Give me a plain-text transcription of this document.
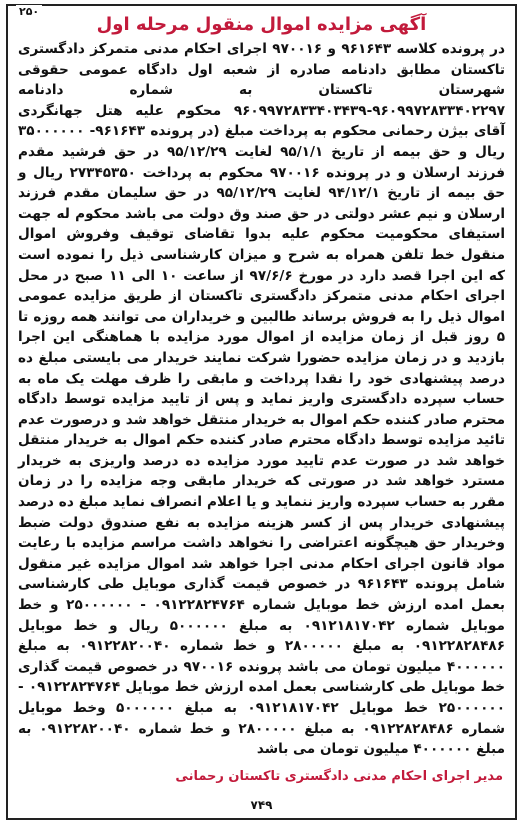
۲۵۰
آگهی مزایده اموال منقول مرحله اول

در پرونده کلاسه ۹۶۱۶۴۳ و ۹۷۰۰۱۶ اجرای احکام مدنی متمرکز دادگستری تاکستان مطابق دادنامه صادره از شعبه اول دادگاه عمومی حقوقی شهرستان تاکستان به شماره دادنامه ۹۶۰۹۹۷۲۸۳۳۴۰۲۲۹۷-۹۶۰۹۹۷۲۸۳۳۴۰۳۴۳۹ محکوم علیه هتل جهانگردی آقای بیژن رحمانی محکوم به پرداخت مبلغ (در پرونده ۹۶۱۶۴۳- ۳۵۰۰۰۰۰۰ ریال و حق بیمه از تاریخ ۹۵/۱/۱ لغایت ۹۵/۱۲/۲۹ در حق فرشید مقدم فرزند ارسلان و در پرونده ۹۷۰۰۱۶ محکوم به پرداخت ۲۷۳۴۵۳۵۰ ریال و حق بیمه از تاریخ ۹۴/۱۲/۱ لغایت ۹۵/۱۲/۲۹ در حق سلیمان مقدم فرزند ارسلان و نیم عشر دولتی در حق صند وق دولت می باشد محکوم له جهت استیفای محکومیت محکوم علیه بدوا تقاضای توقیف وفروش اموال منقول خط تلفن همراه به شرح و میزان کارشناسی ذیل را نموده است که این اجرا قصد دارد در مورخ ۹۷/۶/۶ از ساعت ۱۰ الی ۱۱ صبح در محل اجرای احکام مدنی متمرکز دادگستری تاکستان از طریق مزایده عمومی اموال ذیل را به فروش برساند طالبین و خریداران می توانند همه روزه تا ۵ روز قبل از زمان مزایده از اموال مورد مزایده با هماهنگی این اجرا بازدید و در زمان مزایده حضورا شرکت نمایند خریدار می بایستی مبلغ ده درصد پیشنهادی خود را نقدا پرداخت و مابقی را ظرف مهلت یک ماه به حساب سپرده دادگستری واریز نماید و پس از تایید مزایده توسط دادگاه محترم صادر کننده حکم اموال به خریدار منتقل خواهد شد و درصورت عدم تائید مزایده توسط دادگاه محترم صادر کننده حکم اموال به خریدار منتقل خواهد شد در صورت عدم تایید مورد مزایده ده درصد واریزی به خریدار مسترد خواهد شد در صورتی که خریدار مابقی وجه مزایده را در زمان مقرر به حساب سپرده واریز ننماید و یا اعلام انصراف نماید مبلغ ده درصد پیشنهادی خریدار پس از کسر هزینه مزایده به نفع صندوق دولت ضبط وخریدار حق هیچگونه اعتراضی را نخواهد داشت مراسم مزایده با رعایت مواد قانون اجرای احکام مدنی اجرا خواهد شد اموال مزایده غیر منقول شامل پرونده ۹۶۱۶۴۳ در خصوص قیمت گذاری موبایل طی کارشناسی بعمل امده ارزش خط موبایل شماره ۰۹۱۲۲۸۲۴۷۶۴ - ۲۵۰۰۰۰۰۰ و خط موبایل شماره ۰۹۱۲۱۸۱۷۰۴۲ به مبلغ ۵۰۰۰۰۰۰ ریال و خط موبایل ۰۹۱۲۲۸۲۸۴۸۶ به مبلغ ۲۸۰۰۰۰۰ و خط شماره ۰۹۱۲۲۸۲۰۰۴۰ به مبلغ ۴۰۰۰۰۰۰ میلیون تومان می باشد پرونده ۹۷۰۰۱۶ در خصوص قیمت گذاری خط موبایل طی کارشناسی بعمل امده ارزش خط موبایل ۰۹۱۲۲۸۲۴۷۶۴ - ۲۵۰۰۰۰۰۰ خط موبایل ۰۹۱۲۱۸۱۷۰۴۲ به مبلغ ۵۰۰۰۰۰۰ وخط موبایل شماره ۰۹۱۲۲۸۲۸۴۸۶ به مبلغ ۲۸۰۰۰۰۰ و خط شماره ۰۹۱۲۲۸۲۰۰۴۰ به مبلغ ۴۰۰۰۰۰۰ میلیون تومان می باشد

مدیر اجرای احکام مدنی دادگستری تاکستان رحمانی
۷۴۹
